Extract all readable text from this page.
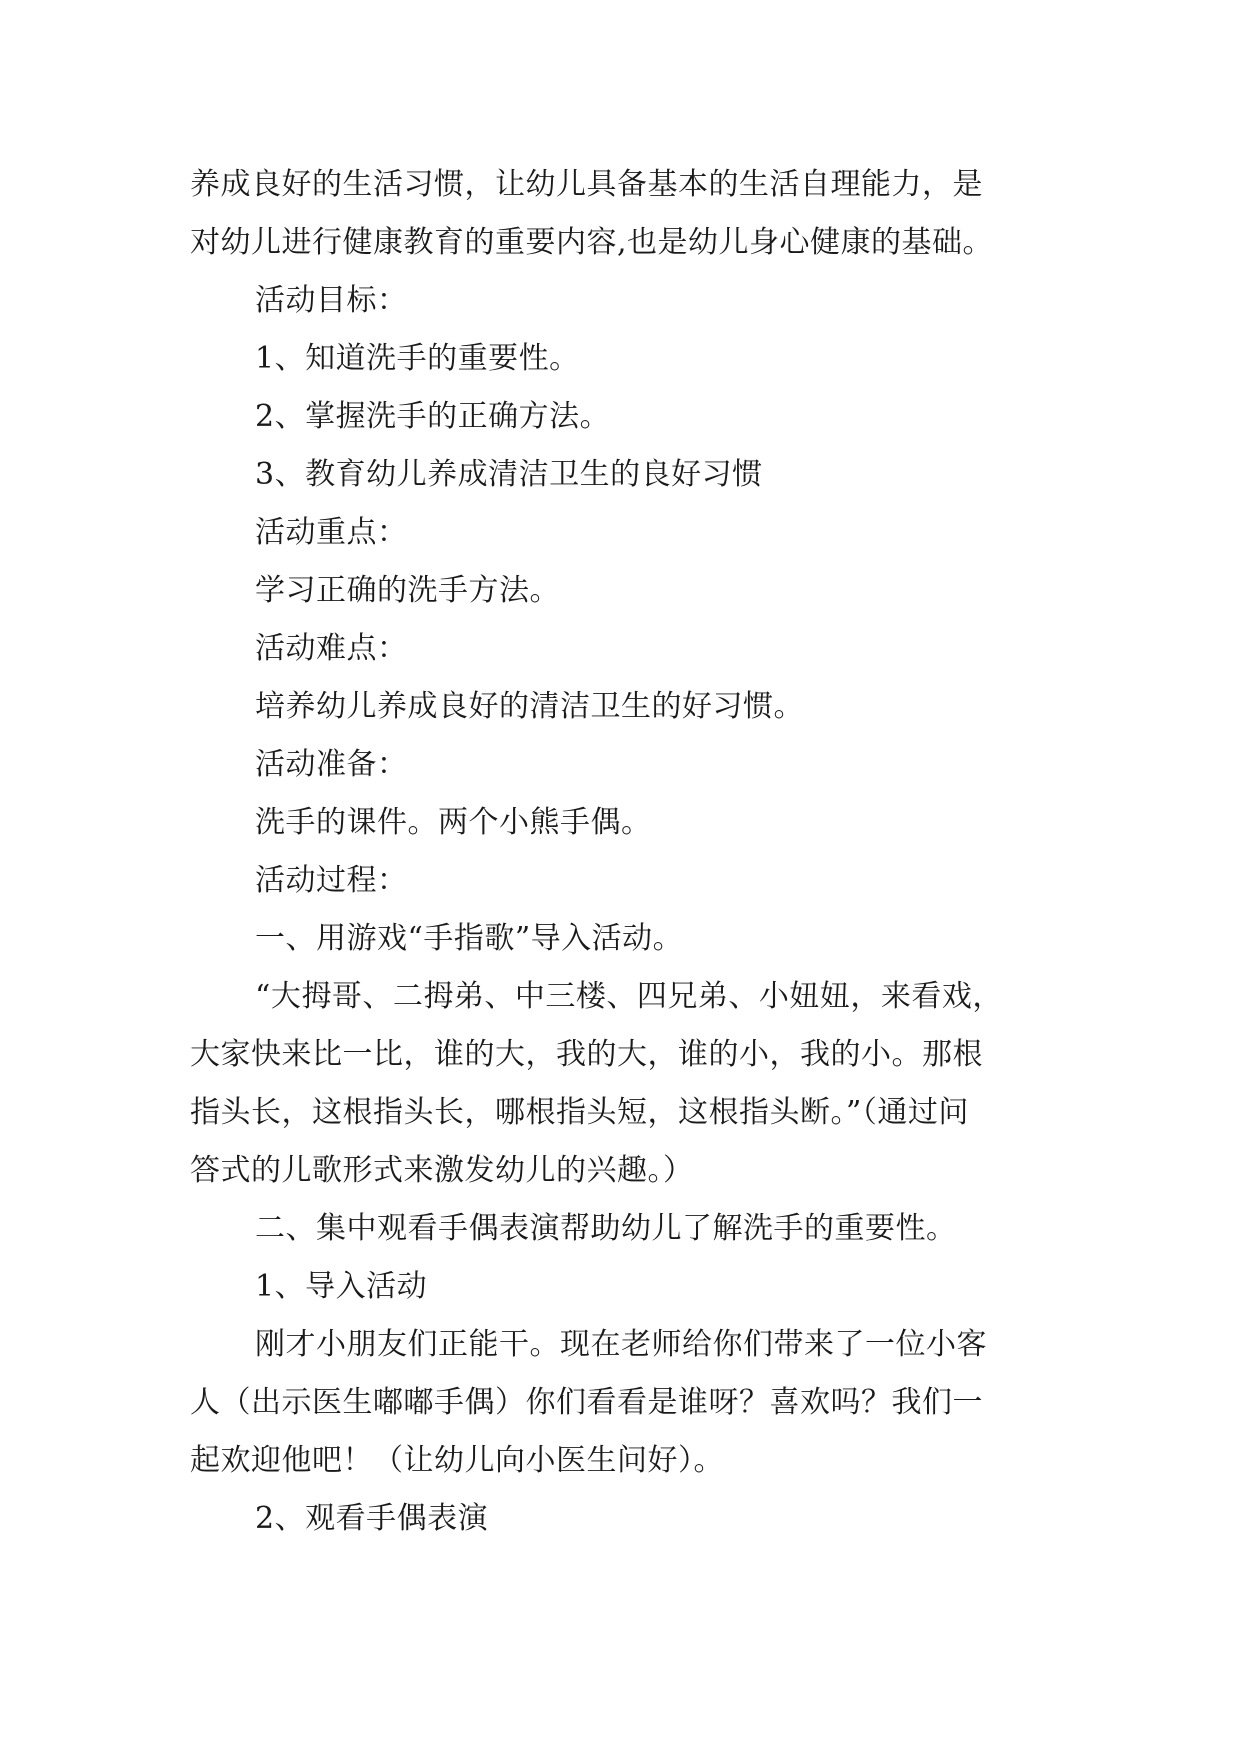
养成良好的生活习惯，让幼儿具备基本的生活自理能力，是
对幼儿进行健康教育的重要内容,也是幼儿身心健康的基础。
活动目标：
1、知道洗手的重要性。
2、掌握洗手的正确方法。
3、教育幼儿养成清洁卫生的良好习惯
活动重点：
学习正确的洗手方法。
活动难点：
培养幼儿养成良好的清洁卫生的好习惯。
活动准备：
洗手的课件。两个小熊手偶。
活动过程：
一、用游戏“手指歌”导入活动。
“大拇哥、二拇弟、中三楼、四兄弟、小妞妞，来看戏，
大家快来比一比，谁的大，我的大，谁的小，我的小。那根
指头长，这根指头长，哪根指头短，这根指头断。”（通过问
答式的儿歌形式来激发幼儿的兴趣。）
二、集中观看手偶表演帮助幼儿了解洗手的重要性。
1、导入活动
刚才小朋友们正能干。现在老师给你们带来了一位小客
人（出示医生嘟嘟手偶）你们看看是谁呀？喜欢吗？我们一
起欢迎他吧！（让幼儿向小医生问好）。
2、观看手偶表演
